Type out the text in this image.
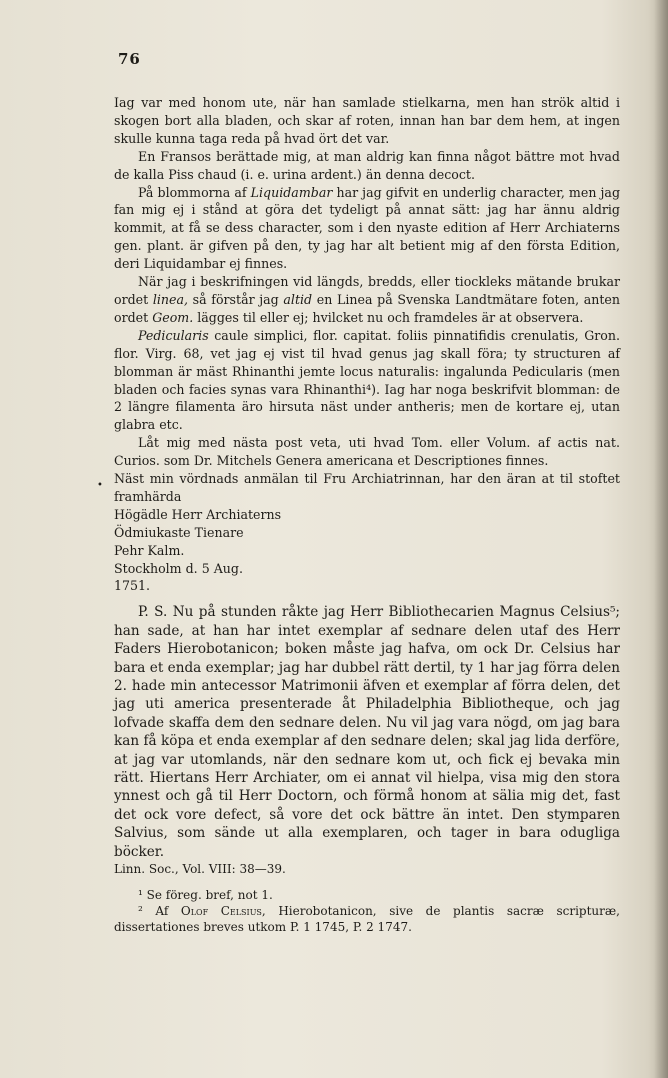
76
•

Iag var med honom ute, när han samlade stielkarna, men han strök altid i skogen bort alla bladen, och skar af roten, innan han bar dem hem, at ingen skulle kunna taga reda på hvad ört det var.

En Fransos berättade mig, at man aldrig kan finna något bättre mot hvad de kalla Piss chaud (i. e. urina ardent.) än denna decoct.

På blommorna af Liquidambar har jag gifvit en underlig character, men jag fan mig ej i stånd at göra det tydeligt på annat sätt: jag har ännu aldrig kommit, at få se dess character, som i den nyaste edition af Herr Archiaterns gen. plant. är gifven på den, ty jag har alt betient mig af den första Edition, deri Liquidambar ej finnes.

När jag i beskrifningen vid längds, bredds, eller tiockleks mätande brukar ordet linea, så förstår jag altid en Linea på Svenska Landtmätare foten, anten ordet Geom. lägges til eller ej; hvilcket nu och framdeles är at observera.

Pedicularis caule simplici, flor. capitat. foliis pinnatifidis crenulatis, Gron. flor. Virg. 68, vet jag ej vist til hvad genus jag skall föra; ty structuren af blomman är mäst Rhinanthi jemte locus naturalis: ingalunda Pedicularis (men bladen och facies synas vara Rhinanthi⁴). Iag har noga beskrifvit blomman: de 2 längre filamenta äro hirsuta näst under antheris; men de kortare ej, utan glabra etc.

Låt mig med nästa post veta, uti hvad Tom. eller Volum. af actis nat. Curios. som Dr. Mitchels Genera americana et Descriptiones finnes.

Näst min vördnads anmälan til Fru Archiatrinnan, har den äran at til stoftet framhärda

Högädle Herr Archiaterns

Ödmiukaste Tienare

Pehr Kalm.

Stockholm d. 5 Aug.

1751.

P. S. Nu på stunden råkte jag Herr Bibliothecarien Magnus Celsius⁵; han sade, at han har intet exemplar af sednare delen utaf des Herr Faders Hierobotanicon; boken måste jag hafva, om ock Dr. Celsius har bara et enda exemplar; jag har dubbel rätt dertil, ty 1 har jag förra delen 2. hade min antecessor Matrimonii äfven et exemplar af förra delen, det jag uti america presenterade åt Philadelphia Bibliotheque, och jag lofvade skaffa dem den sednare delen. Nu vil jag vara nögd, om jag bara kan få köpa et enda exemplar af den sednare delen; skal jag lida derföre, at jag var utomlands, när den sednare kom ut, och fick ej bevaka min rätt. Hiertans Herr Archiater, om ei annat vil hielpa, visa mig den stora ynnest och gå til Herr Doctorn, och förmå honom at sälia mig det, fast det ock vore defect, så vore det ock bättre än intet. Den stymparen Salvius, som sände ut alla exemplaren, och tager in bara odugliga böcker.

Linn. Soc., Vol. VIII: 38—39.

¹ Se föreg. bref, not 1.

² Af Olof Celsius, Hierobotanicon, sive de plantis sacræ scripturæ, dissertationes breves utkom P. 1 1745, P. 2 1747.
